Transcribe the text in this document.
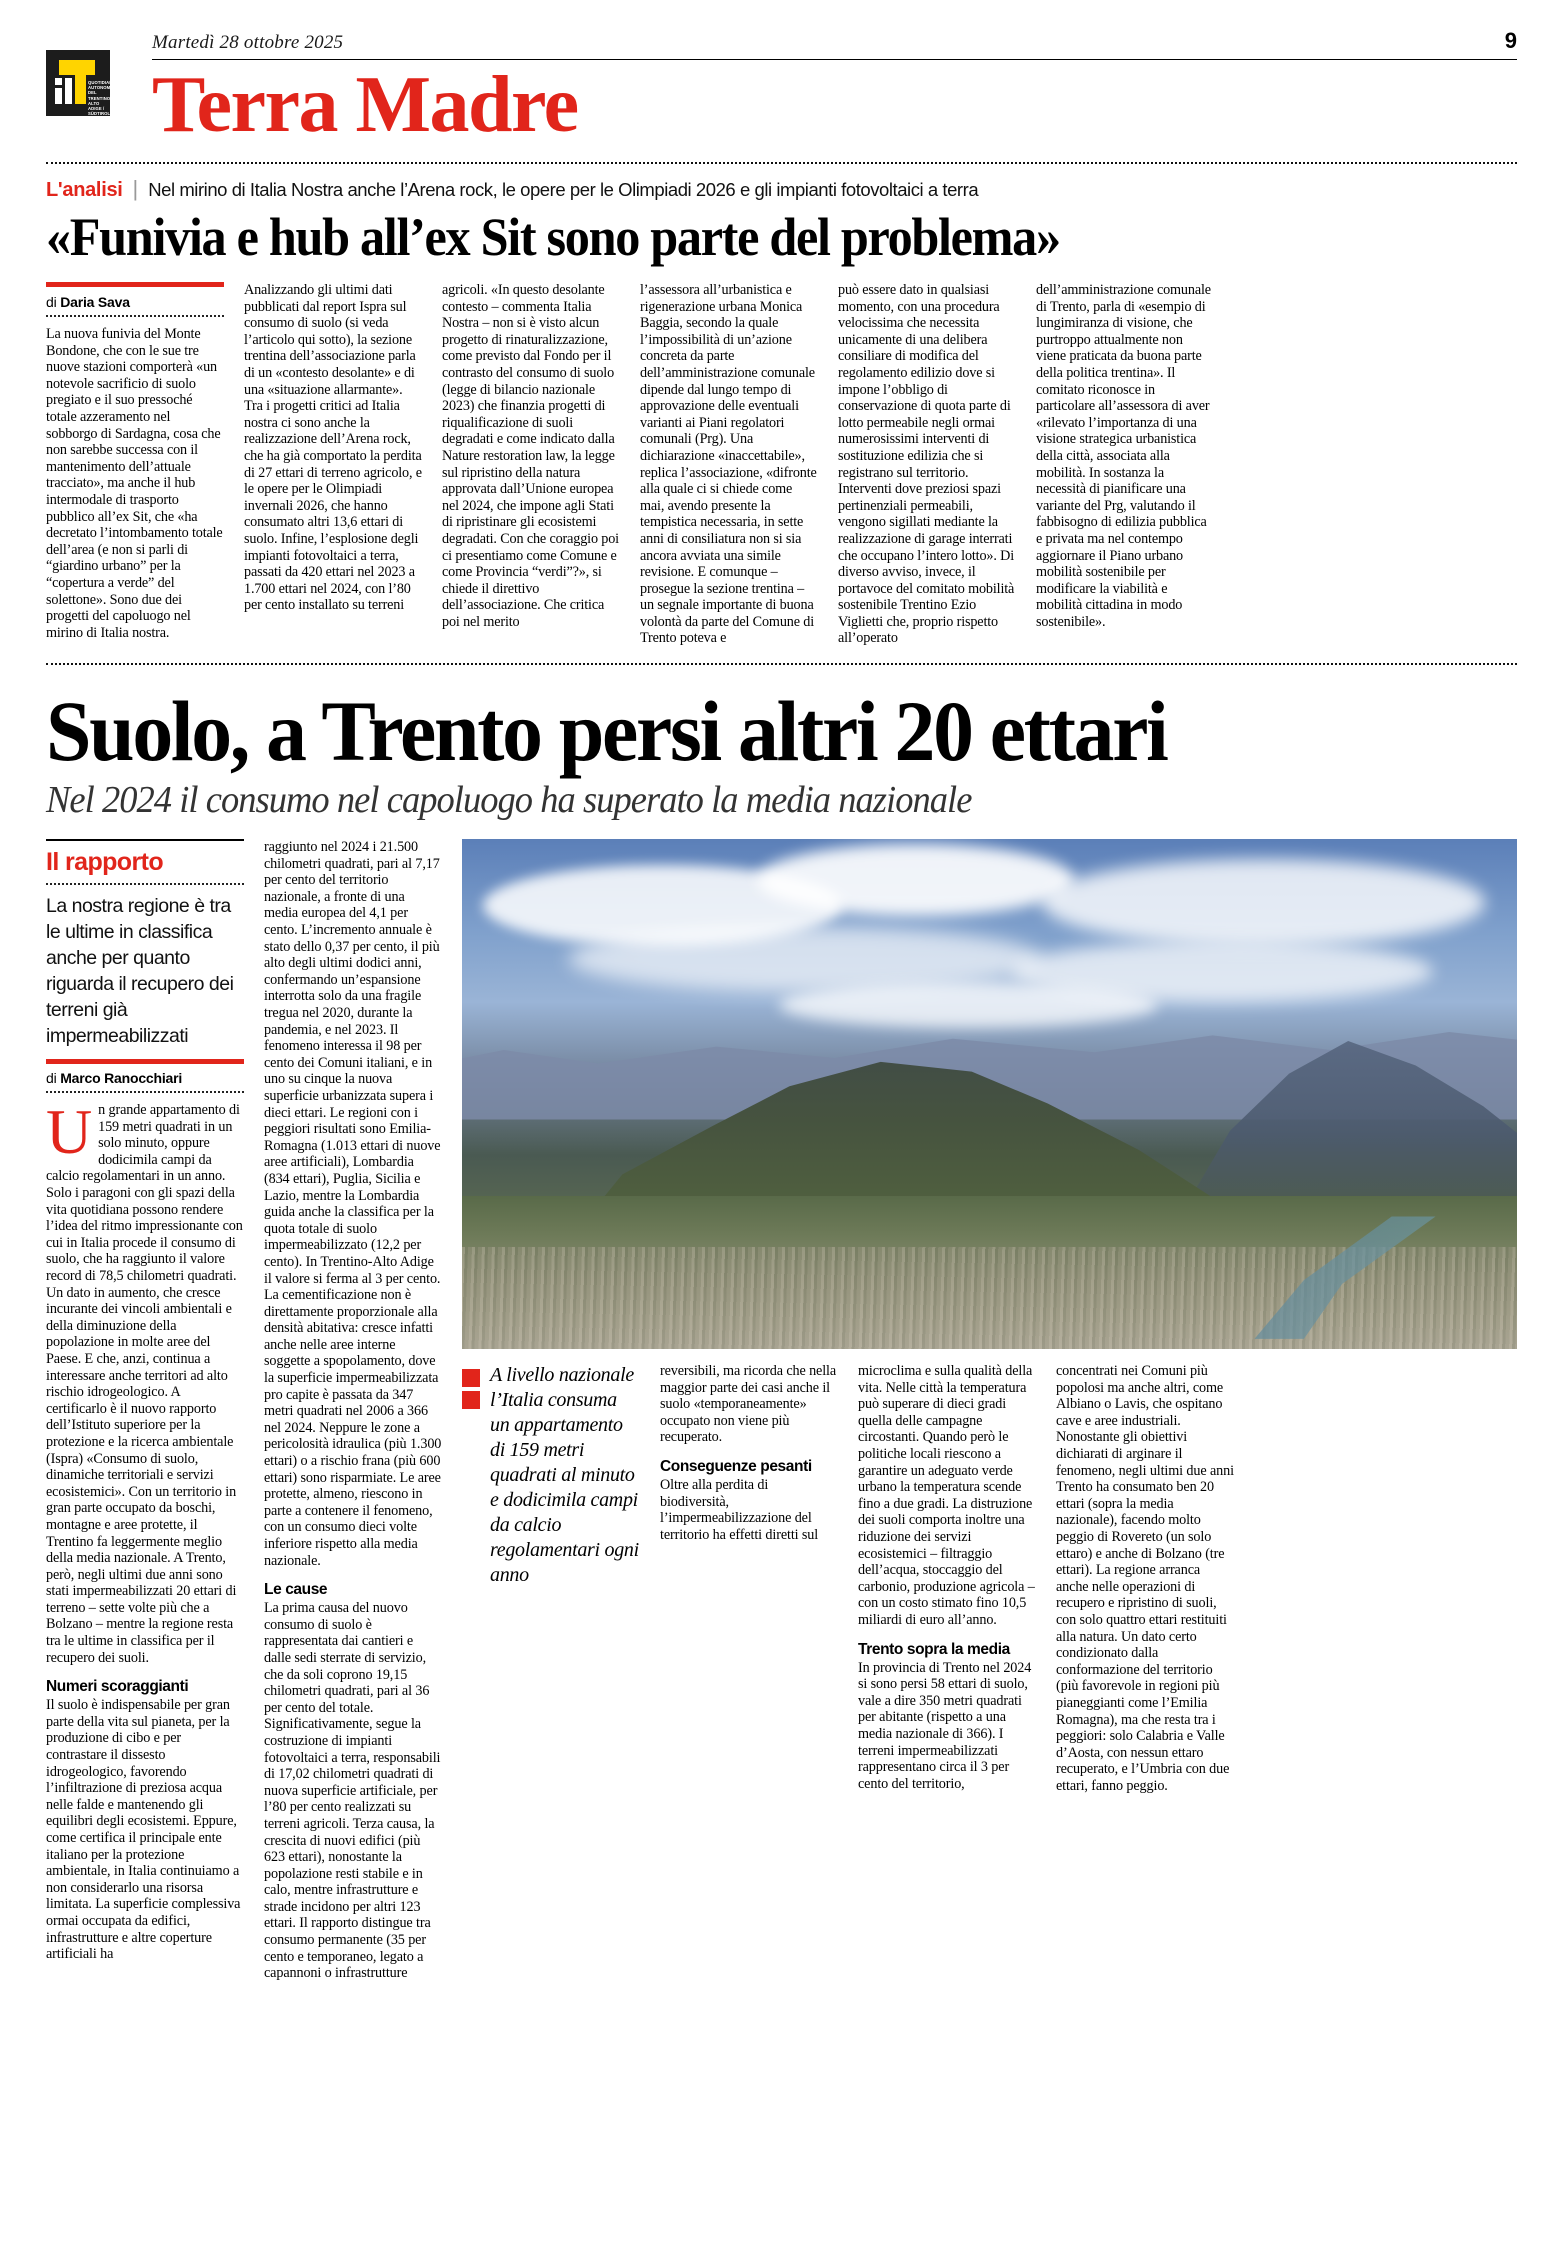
QUOTIDIANO
AUTONOMO
DEL TRENTINO
ALTO ADIGE /
SÜDTIROL
Martedì 28 ottobre 2025	9
Terra Madre
L'analisi | Nel mirino di Italia Nostra anche l’Arena rock, le opere per le Olimpiadi 2026 e gli impianti fotovoltaici a terra
«Funivia e hub all’ex Sit sono parte del problema»
di Daria Sava

La nuova funivia del Monte Bondone, che con le sue tre nuove stazioni comporterà «un notevole sacrificio di suolo pregiato e il suo pressoché totale azzeramento nel sobborgo di Sardagna, cosa che non sarebbe successa con il mantenimento dell’attuale tracciato», ma anche il hub intermodale di trasporto pubblico all’ex Sit, che «ha decretato l’intombamento totale dell’area (e non si parli di “giardino urbano” per la “copertura a verde” del solettone». Sono due dei progetti del capoluogo nel mirino di Italia nostra.

Analizzando gli ultimi dati pubblicati dal report Ispra sul consumo di suolo (si veda l’articolo qui sotto), la sezione trentina dell’associazione parla di un «contesto desolante» e di una «situazione allarmante». Tra i progetti critici ad Italia nostra ci sono anche la realizzazione dell’Arena rock, che ha già comportato la perdita di 27 ettari di terreno agricolo, e le opere per le Olimpiadi invernali 2026, che hanno consumato altri 13,6 ettari di suolo. Infine, l’esplosione degli impianti fotovoltaici a terra, passati da 420 ettari nel 2023 a 1.700 ettari nel 2024, con l’80 per cento installato su terreni

agricoli. «In questo desolante contesto – commenta Italia Nostra – non si è visto alcun progetto di rinaturalizzazione, come previsto dal Fondo per il contrasto del consumo di suolo (legge di bilancio nazionale 2023) che finanzia progetti di riqualificazione di suoli degradati e come indicato dalla Nature restoration law, la legge sul ripristino della natura approvata dall’Unione europea nel 2024, che impone agli Stati di ripristinare gli ecosistemi degradati. Con che coraggio poi ci presentiamo come Comune e come Provincia “verdi”?», si chiede il direttivo dell’associazione. Che critica poi nel merito

l’assessora all’urbanistica e rigenerazione urbana Monica Baggia, secondo la quale l’impossibilità di un’azione concreta da parte dell’amministrazione comunale dipende dal lungo tempo di approvazione delle eventuali varianti ai Piani regolatori comunali (Prg). Una dichiarazione «inaccettabile», replica l’associazione, «difronte alla quale ci si chiede come mai, avendo presente la tempistica necessaria, in sette anni di consiliatura non si sia ancora avviata una simile revisione. E comunque – prosegue la sezione trentina – un segnale importante di buona volontà da parte del Comune di Trento poteva e

può essere dato in qualsiasi momento, con una procedura velocissima che necessita unicamente di una delibera consiliare di modifica del regolamento edilizio dove si impone l’obbligo di conservazione di quota parte di lotto permeabile negli ormai numerosissimi interventi di sostituzione edilizia che si registrano sul territorio. Interventi dove preziosi spazi pertinenziali permeabili, vengono sigillati mediante la realizzazione di garage interrati che occupano l’intero lotto». Di diverso avviso, invece, il portavoce del comitato mobilità sostenibile Trentino Ezio Viglietti che, proprio rispetto all’operato

dell’amministrazione comunale di Trento, parla di «esempio di lungimiranza di visione, che purtroppo attualmente non viene praticata da buona parte della politica trentina». Il comitato riconosce in particolare all’assessora di aver «rilevato l’importanza di una visione strategica urbanistica della città, associata alla mobilità. In sostanza la necessità di pianificare una variante del Prg, valutando il fabbisogno di edilizia pubblica e privata ma nel contempo aggiornare il Piano urbano mobilità sostenibile per modificare la viabilità e mobilità cittadina in modo sostenibile».

Suolo, a Trento persi altri 20 ettari
Nel 2024 il consumo nel capoluogo ha superato la media nazionale
Il rapporto
La nostra regione è tra le ultime in classifica anche per quanto riguarda il recupero dei terreni già impermeabilizzati
di Marco Ranocchiari
Un grande appartamento di 159 metri quadrati in un solo minuto, oppure dodicimila campi da calcio regolamentari in un anno. Solo i paragoni con gli spazi della vita quotidiana possono rendere l’idea del ritmo impressionante con cui in Italia procede il consumo di suolo, che ha raggiunto il valore record di 78,5 chilometri quadrati. Un dato in aumento, che cresce incurante dei vincoli ambientali e della diminuzione della popolazione in molte aree del Paese. E che, anzi, continua a interessare anche territori ad alto rischio idrogeologico. A certificarlo è il nuovo rapporto dell’Istituto superiore per la protezione e la ricerca ambientale (Ispra) «Consumo di suolo, dinamiche territoriali e servizi ecosistemici». Con un territorio in gran parte occupato da boschi, montagne e aree protette, il Trentino fa leggermente meglio della media nazionale. A Trento, però, negli ultimi due anni sono stati impermeabilizzati 20 ettari di terreno – sette volte più che a Bolzano – mentre la regione resta tra le ultime in classifica per il recupero dei suoli.
Numeri scoraggianti
Il suolo è indispensabile per gran parte della vita sul pianeta, per la produzione di cibo e per contrastare il dissesto idrogeologico, favorendo l’infiltrazione di preziosa acqua nelle falde e mantenendo gli equilibri degli ecosistemi. Eppure, come certifica il principale ente italiano per la protezione ambientale, in Italia continuiamo a non considerarlo una risorsa limitata. La superficie complessiva ormai occupata da edifici, infrastrutture e altre coperture artificiali ha
raggiunto nel 2024 i 21.500 chilometri quadrati, pari al 7,17 per cento del territorio nazionale, a fronte di una media europea del 4,1 per cento. L’incremento annuale è stato dello 0,37 per cento, il più alto degli ultimi dodici anni, confermando un’espansione interrotta solo da una fragile tregua nel 2020, durante la pandemia, e nel 2023. Il fenomeno interessa il 98 per cento dei Comuni italiani, e in uno su cinque la nuova superficie urbanizzata supera i dieci ettari. Le regioni con i peggiori risultati sono Emilia-Romagna (1.013 ettari di nuove aree artificiali), Lombardia (834 ettari), Puglia, Sicilia e Lazio, mentre la Lombardia guida anche la classifica per la quota totale di suolo impermeabilizzato (12,2 per cento). In Trentino-Alto Adige il valore si ferma al 3 per cento. La cementificazione non è direttamente proporzionale alla densità abitativa: cresce infatti anche nelle aree interne soggette a spopolamento, dove la superficie impermeabilizzata pro capite è passata da 347 metri quadrati nel 2006 a 366 nel 2024. Neppure le zone a pericolosità idraulica (più 1.300 ettari) o a rischio frana (più 600 ettari) sono risparmiate. Le aree protette, almeno, riescono in parte a contenere il fenomeno, con un consumo dieci volte inferiore rispetto alla media nazionale.
Le cause
La prima causa del nuovo consumo di suolo è rappresentata dai cantieri e dalle sedi sterrate di servizio, che da soli coprono 19,15 chilometri quadrati, pari al 36 per cento del totale. Significativamente, segue la costruzione di impianti fotovoltaici a terra, responsabili di 17,02 chilometri quadrati di nuova superficie artificiale, per l’80 per cento realizzati su terreni agricoli. Terza causa, la crescita di nuovi edifici (più 623 ettari), nonostante la popolazione resti stabile e in calo, mentre infrastrutture e strade incidono per altri 123 ettari. Il rapporto distingue tra consumo permanente (35 per cento e temporaneo, legato a capannoni o infrastrutture
A livello nazionale l’Italia consuma un appartamento di 159 metri quadrati al minuto e dodicimila campi da calcio regolamentari ogni anno
reversibili, ma ricorda che nella maggior parte dei casi anche il suolo «temporaneamente» occupato non viene più recuperato.
Conseguenze pesanti
Oltre alla perdita di biodiversità, l’impermeabilizzazione del territorio ha effetti diretti sul
microclima e sulla qualità della vita. Nelle città la temperatura può superare di dieci gradi quella delle campagne circostanti. Quando però le politiche locali riescono a garantire un adeguato verde urbano la temperatura scende fino a due gradi. La distruzione dei suoli comporta inoltre una riduzione dei servizi ecosistemici – filtraggio dell’acqua, stoccaggio del carbonio, produzione agricola – con un costo stimato fino 10,5 miliardi di euro all’anno.
Trento sopra la media
In provincia di Trento nel 2024 si sono persi 58 ettari di suolo, vale a dire 350 metri quadrati per abitante (rispetto a una media nazionale di 366). I terreni impermeabilizzati rappresentano circa il 3 per cento del territorio,
concentrati nei Comuni più popolosi ma anche altri, come Albiano o Lavis, che ospitano cave e aree industriali. Nonostante gli obiettivi dichiarati di arginare il fenomeno, negli ultimi due anni Trento ha consumato ben 20 ettari (sopra la media nazionale), facendo molto peggio di Rovereto (un solo ettaro) e anche di Bolzano (tre ettari). La regione arranca anche nelle operazioni di recupero e ripristino di suoli, con solo quattro ettari restituiti alla natura. Un dato certo condizionato dalla conformazione del territorio (più favorevole in regioni più pianeggianti come l’Emilia Romagna), ma che resta tra i peggiori: solo Calabria e Valle d’Aosta, con nessun ettaro recuperato, e l’Umbria con due ettari, fanno peggio.
